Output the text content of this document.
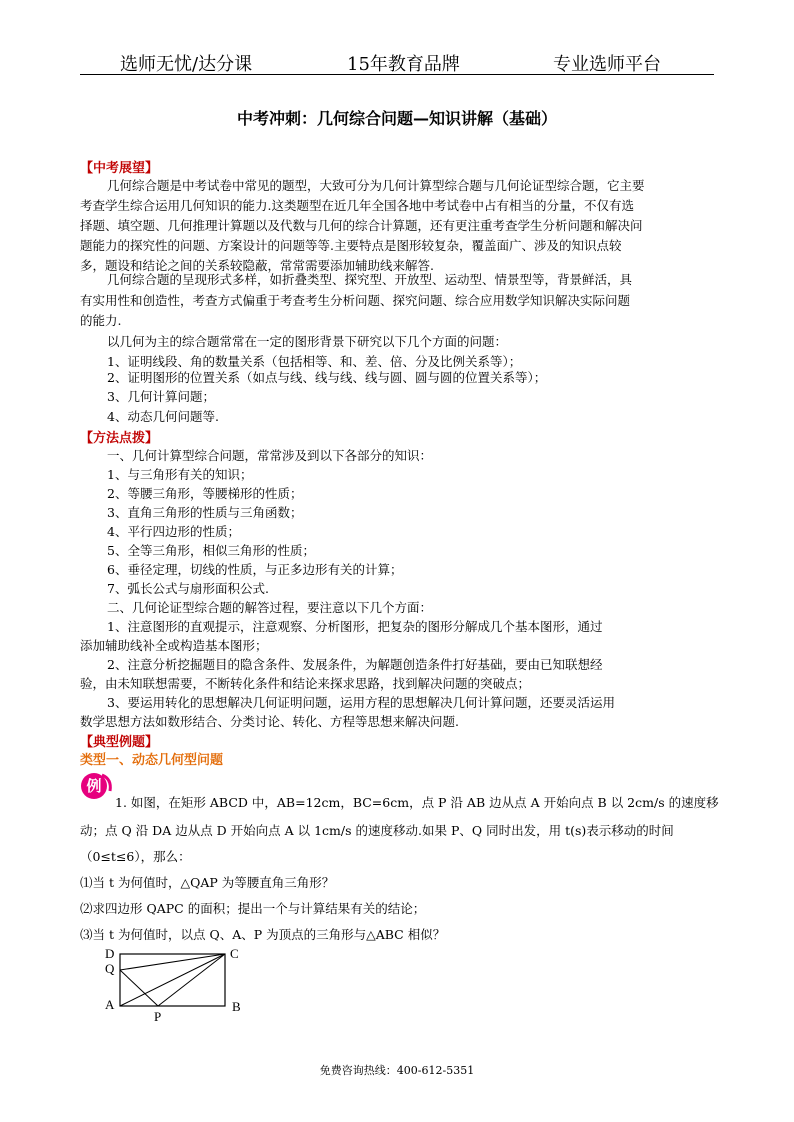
选师无忧/达分课	15年教育品牌	专业选师平台
中考冲刺：几何综合问题—知识讲解（基础）
【中考展望】
几何综合题是中考试卷中常见的题型，大致可分为几何计算型综合题与几何论证型综合题，它主要
考查学生综合运用几何知识的能力.这类题型在近几年全国各地中考试卷中占有相当的分量，不仅有选
择题、填空题、几何推理计算题以及代数与几何的综合计算题，还有更注重考查学生分析问题和解决问
题能力的探究性的问题、方案设计的问题等等.主要特点是图形较复杂，覆盖面广、涉及的知识点较
多，题设和结论之间的关系较隐蔽，常常需要添加辅助线来解答.
几何综合题的呈现形式多样，如折叠类型、探究型、开放型、运动型、情景型等，背景鲜活，具
有实用性和创造性，考查方式偏重于考查考生分析问题、探究问题、综合应用数学知识解决实际问题
的能力.
以几何为主的综合题常常在一定的图形背景下研究以下几个方面的问题：
1、证明线段、角的数量关系（包括相等、和、差、倍、分及比例关系等）；
2、证明图形的位置关系（如点与线、线与线、线与圆、圆与圆的位置关系等）；
3、几何计算问题；
4、动态几何问题等.
【方法点拨】
一、几何计算型综合问题，常常涉及到以下各部分的知识：
1、与三角形有关的知识；
2、等腰三角形，等腰梯形的性质；
3、直角三角形的性质与三角函数；
4、平行四边形的性质；
5、全等三角形，相似三角形的性质；
6、垂径定理，切线的性质，与正多边形有关的计算；
7、弧长公式与扇形面积公式.
二、几何论证型综合题的解答过程，要注意以下几个方面：
1、注意图形的直观提示，注意观察、分析图形，把复杂的图形分解成几个基本图形，通过
添加辅助线补全或构造基本图形；
2、注意分析挖掘题目的隐含条件、发展条件，为解题创造条件打好基础，要由已知联想经
验，由未知联想需要，不断转化条件和结论来探求思路，找到解决问题的突破点；
3、要运用转化的思想解决几何证明问题，运用方程的思想解决几何计算问题，还要灵活运用
数学思想方法如数形结合、分类讨论、转化、方程等思想来解决问题.
【典型例题】
类型一、动态几何型问题
例
1. 如图，在矩形 ABCD 中，AB=12cm，BC=6cm，点 P 沿 AB 边从点 A 开始向点 B 以 2cm/s 的速度移
动；点 Q 沿 DA 边从点 D 开始向点 A 以 1cm/s 的速度移动.如果 P、Q 同时出发，用 t(s)表示移动的时间
（0≤t≤6），那么：
⑴当 t 为何值时，△QAP 为等腰直角三角形？
⑵求四边形 QAPC 的面积；提出一个与计算结果有关的结论；
⑶当 t 为何值时，以点 Q、A、P 为顶点的三角形与△ABC 相似？
D
Q
A
P
B
C
免费咨询热线：400-612-5351
